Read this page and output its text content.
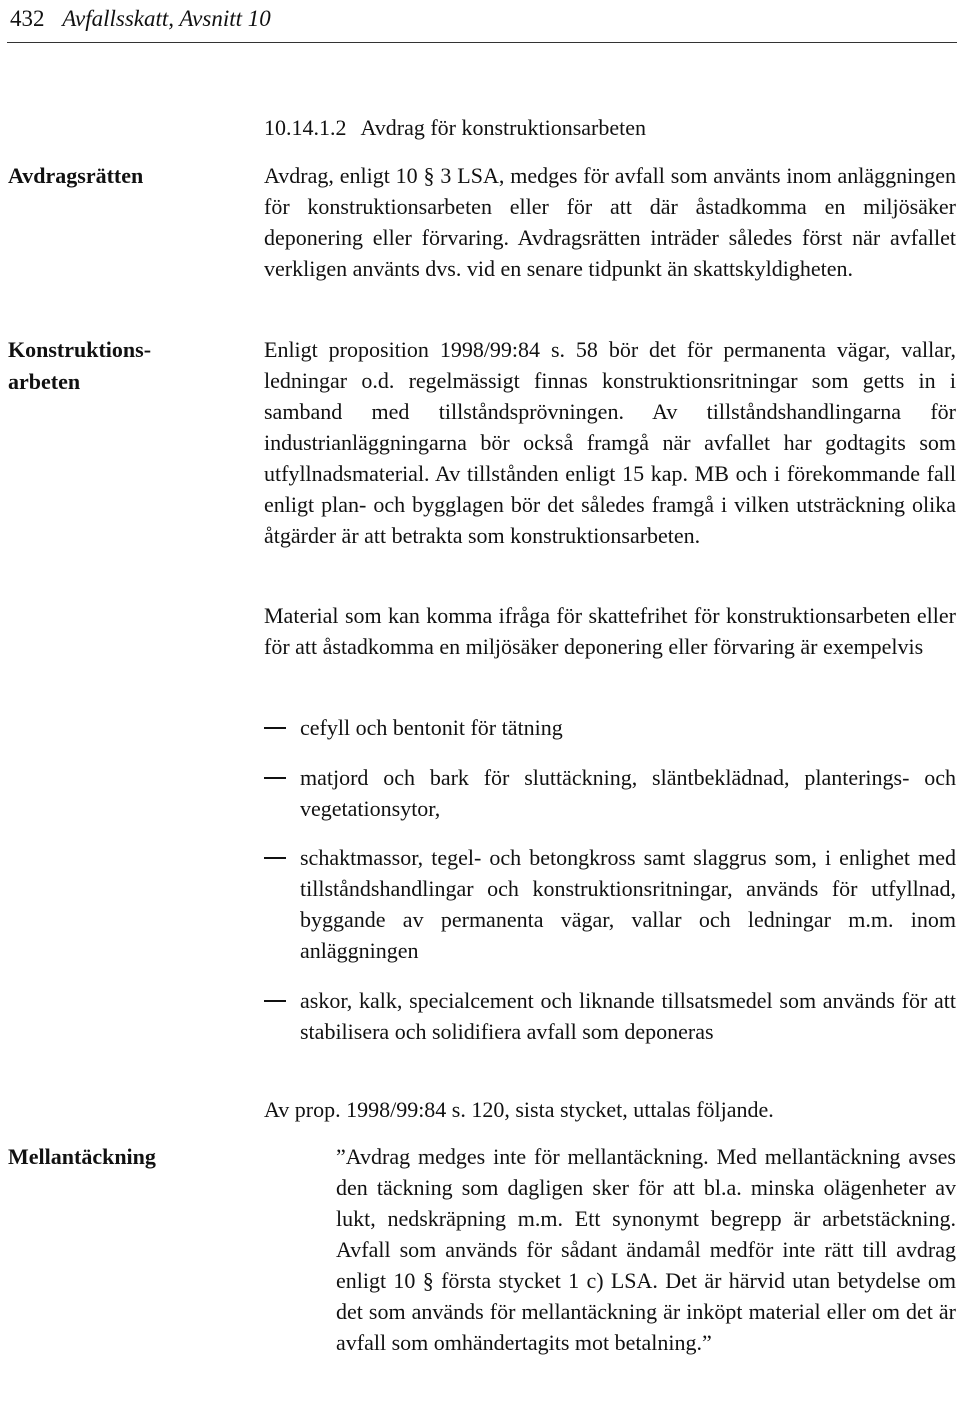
432 Avfallsskatt, Avsnitt 10
Avdragsrätten
Konstruktions-
arbeten
Mellantäckning

10.14.1.2 Avdrag för konstruktionsarbeten

Avdrag, enligt 10 § 3 LSA, medges för avfall som använts inom anläggningen för konstruktionsarbeten eller för att där åstadkomma en miljösäker deponering eller förvaring. Avdragsrätten inträder således först när avfallet verkligen använts dvs. vid en senare tidpunkt än skattskyldigheten.

Enligt proposition 1998/99:84 s. 58 bör det för permanenta vägar, vallar, ledningar o.d. regelmässigt finnas konstruktionsritningar som getts in i samband med tillståndsprövningen. Av tillståndshandlingarna för industrianläggningarna bör också framgå när avfallet har godtagits som utfyllnadsmaterial. Av tillstånden enligt 15 kap. MB och i förekommande fall enligt plan- och bygglagen bör det således framgå i vilken utsträckning olika åtgärder är att betrakta som konstruktionsarbeten.

Material som kan komma ifråga för skattefrihet för konstruktionsarbeten eller för att åstadkomma en miljösäker deponering eller förvaring är exempelvis

cefyll och bentonit för tätning
matjord och bark för sluttäckning, släntbeklädnad, planterings- och vegetationsytor,
schaktmassor, tegel- och betongkross samt slaggrus som, i enlighet med tillståndshandlingar och konstruktionsritningar, används för utfyllnad, byggande av permanenta vägar, vallar och ledningar m.m. inom anläggningen
askor, kalk, specialcement och liknande tillsatsmedel som används för att stabilisera och solidifiera avfall som deponeras

Av prop. 1998/99:84 s. 120, sista stycket, uttalas följande.

”Avdrag medges inte för mellantäckning. Med mellantäckning avses den täckning som dagligen sker för att bl.a. minska olägenheter av lukt, nedskräpning m.m. Ett synonymt begrepp är arbetstäckning. Avfall som används för sådant ändamål medför inte rätt till avdrag enligt 10 § första stycket 1 c) LSA. Det är härvid utan betydelse om det som används för mellantäckning är inköpt material eller om det är avfall som omhändertagits mot betalning.”
